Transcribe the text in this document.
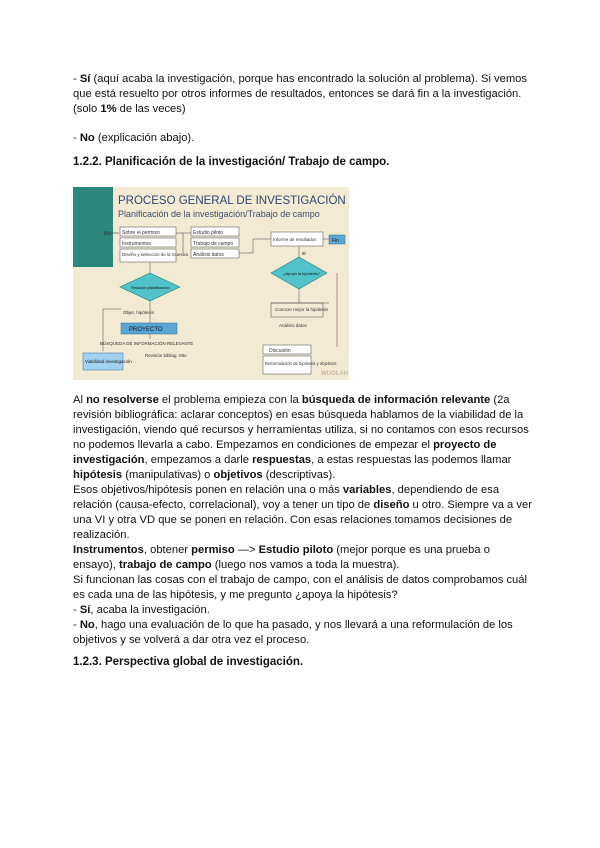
- Sí (aquí acaba la investigación, porque has encontrado la solución al problema). Si vemos que está resuelto por otros informes de resultados, entonces se dará fin a la investigación. (solo 1% de las veces)

- No (explicación abajo).

1.2.2. Planificación de la investigación/ Trabajo de campo.
PROCESO GENERAL DE INVESTIGACIÓN
Planificación de la investigación/Trabajo de campo
no Sobre el permiso
Instrumentos
Diseño y selección de la muestra
Estudio piloto
Trabajo de campo
Análisis datos
Informe de resultados	Fin
¿Apoya la hipótesis?
si
Relación planificación
Objet. hipótesis
PROYECTO
BÚSQUEDA DE INFORMACIÓN RELEVANTE
Viabilidad investigación
Revisión bibliog. Mto
Conocer mejor la hipótesis
Análisis datos
Discusión
Reformulación de hipótesis y objetivos
WUOLAH

Al no resolverse el problema empieza con la búsqueda de información relevante (2a revisión bibliográfica: aclarar conceptos) en esas búsqueda hablamos de la viabilidad de la investigación, viendo qué recursos y herramientas utiliza, si no contamos con esos recursos no podemos llevarla a cabo. Empezamos en condiciones de empezar el proyecto de investigación, empezamos a darle respuestas, a estas respuestas las podemos llamar hipótesis (manipulativas) o objetivos (descriptivas).

Esos objetivos/hipótesis ponen en relación una o más variables, dependiendo de esa relación (causa-efecto, correlacional), voy a tener un tipo de diseño u otro. Siempre va a ver una VI y otra VD que se ponen en relación. Con esas relaciones tomamos decisiones de realización.

Instrumentos, obtener permiso —> Estudio piloto (mejor porque es una prueba o ensayo), trabajo de campo (luego nos vamos a toda la muestra).

Si funcionan las cosas con el trabajo de campo, con el análisis de datos comprobamos cuál es cada una de las hipótesis, y me pregunto ¿apoya la hipótesis?

- Sí, acaba la investigación.

- No, hago una evaluación de lo que ha pasado, y nos llevará a una reformulación de los objetivos y se volverá a dar otra vez el proceso.

1.2.3. Perspectiva global de investigación.
